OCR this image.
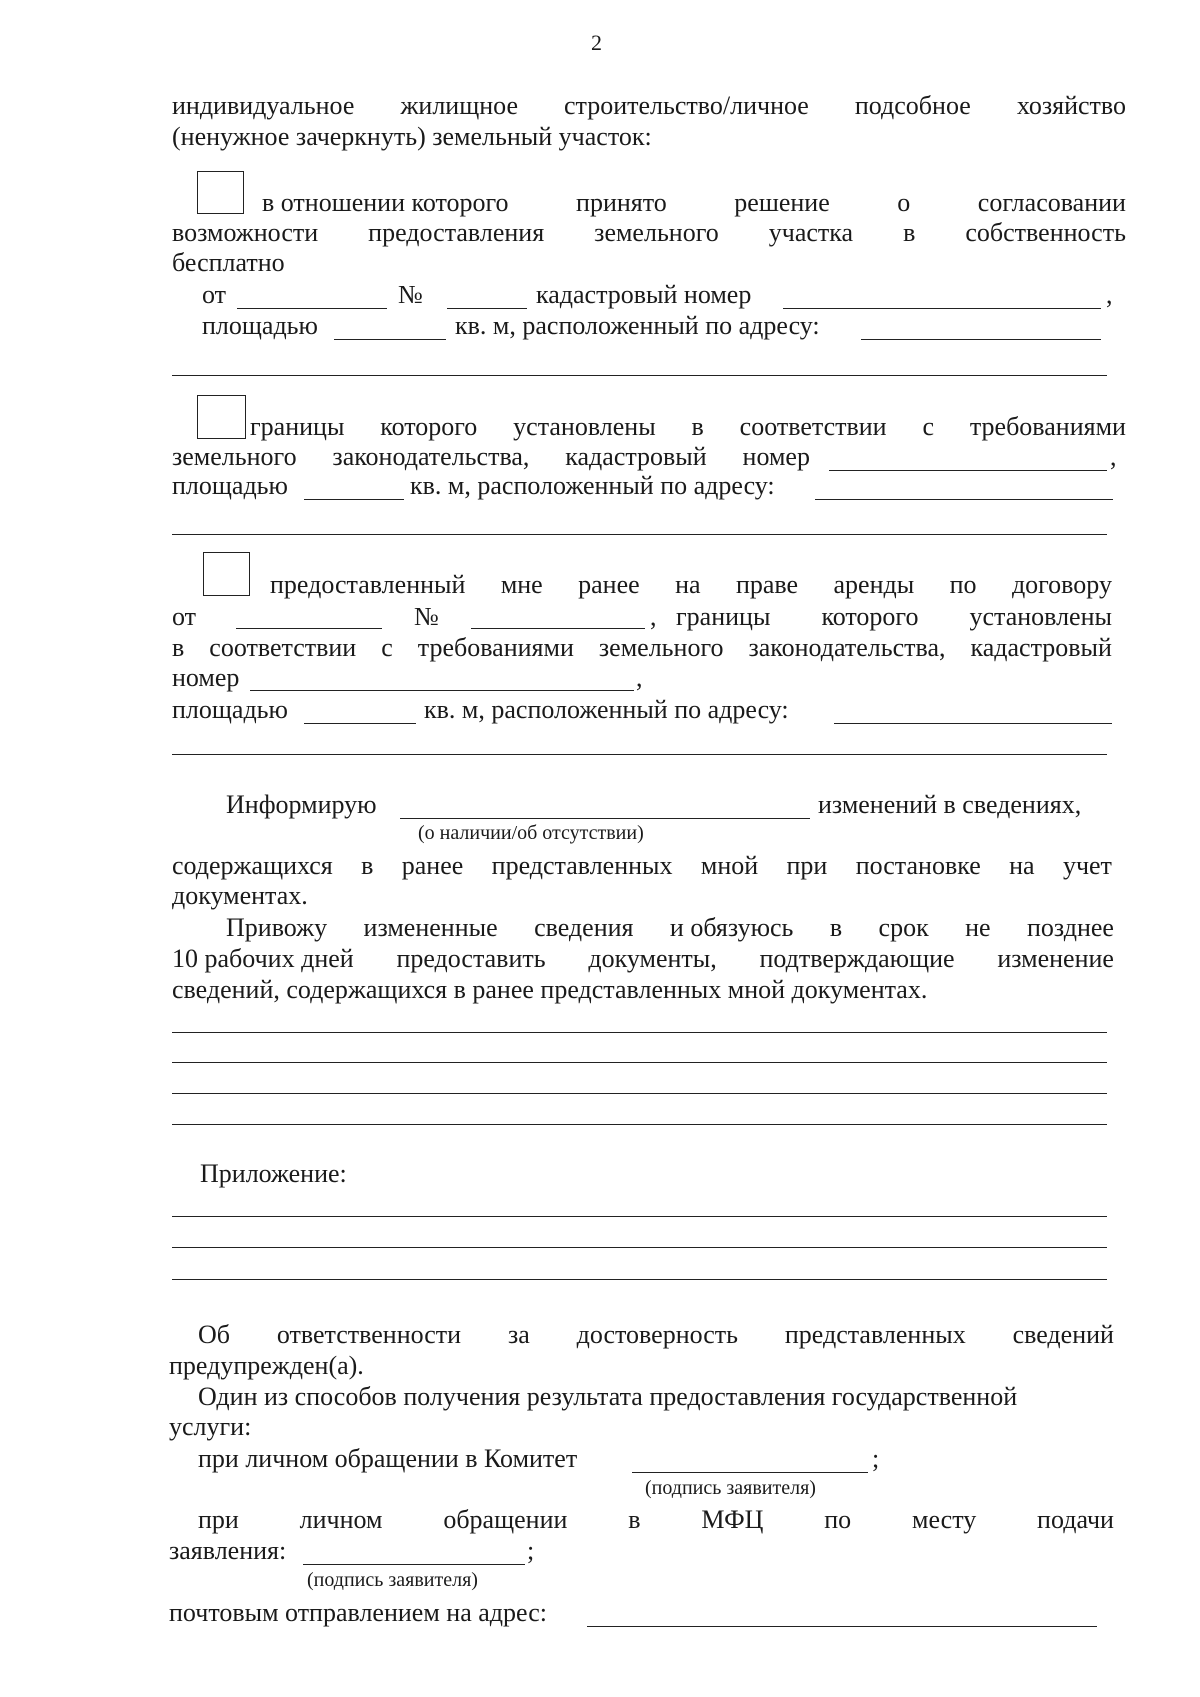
2
индивидуальное жилищное строительство/личное подсобное хозяйство
(ненужное зачеркнуть) земельный участок:
в отношении которого	принято	решение	о	согласовании
возможности предоставления земельного участка в собственность
бесплатно
от	№	кадастровый номер	,
площадью	кв. м, расположенный по адресу:
границы которого установлены в соответствии с требованиями
земельного законодательства, кадастровый номер	,
площадью	кв. м, расположенный по адресу:
предоставленный мне ранее на праве аренды по договору
от	№	, границы которого установлены
в соответствии с требованиями земельного законодательства, кадастровый
номер	,
площадью	кв. м, расположенный по адресу:
Информирую	изменений в сведениях,
(о наличии/об отсутствии)
содержащихся в ранее представленных мной при постановке на учет
документах.
Привожу измененные сведения и обязуюсь в срок не позднее
10 рабочих дней предоставить документы, подтверждающие изменение
сведений, содержащихся в ранее представленных мной документах.
Приложение:
Об ответственности за достоверность представленных сведений
предупрежден(а).
Один из способов получения результата предоставления государственной
услуги:
при личном обращении в Комитет	;
(подпись заявителя)
при личном обращении в МФЦ по месту подачи
заявления:	;
(подпись заявителя)
почтовым отправлением на адрес:
